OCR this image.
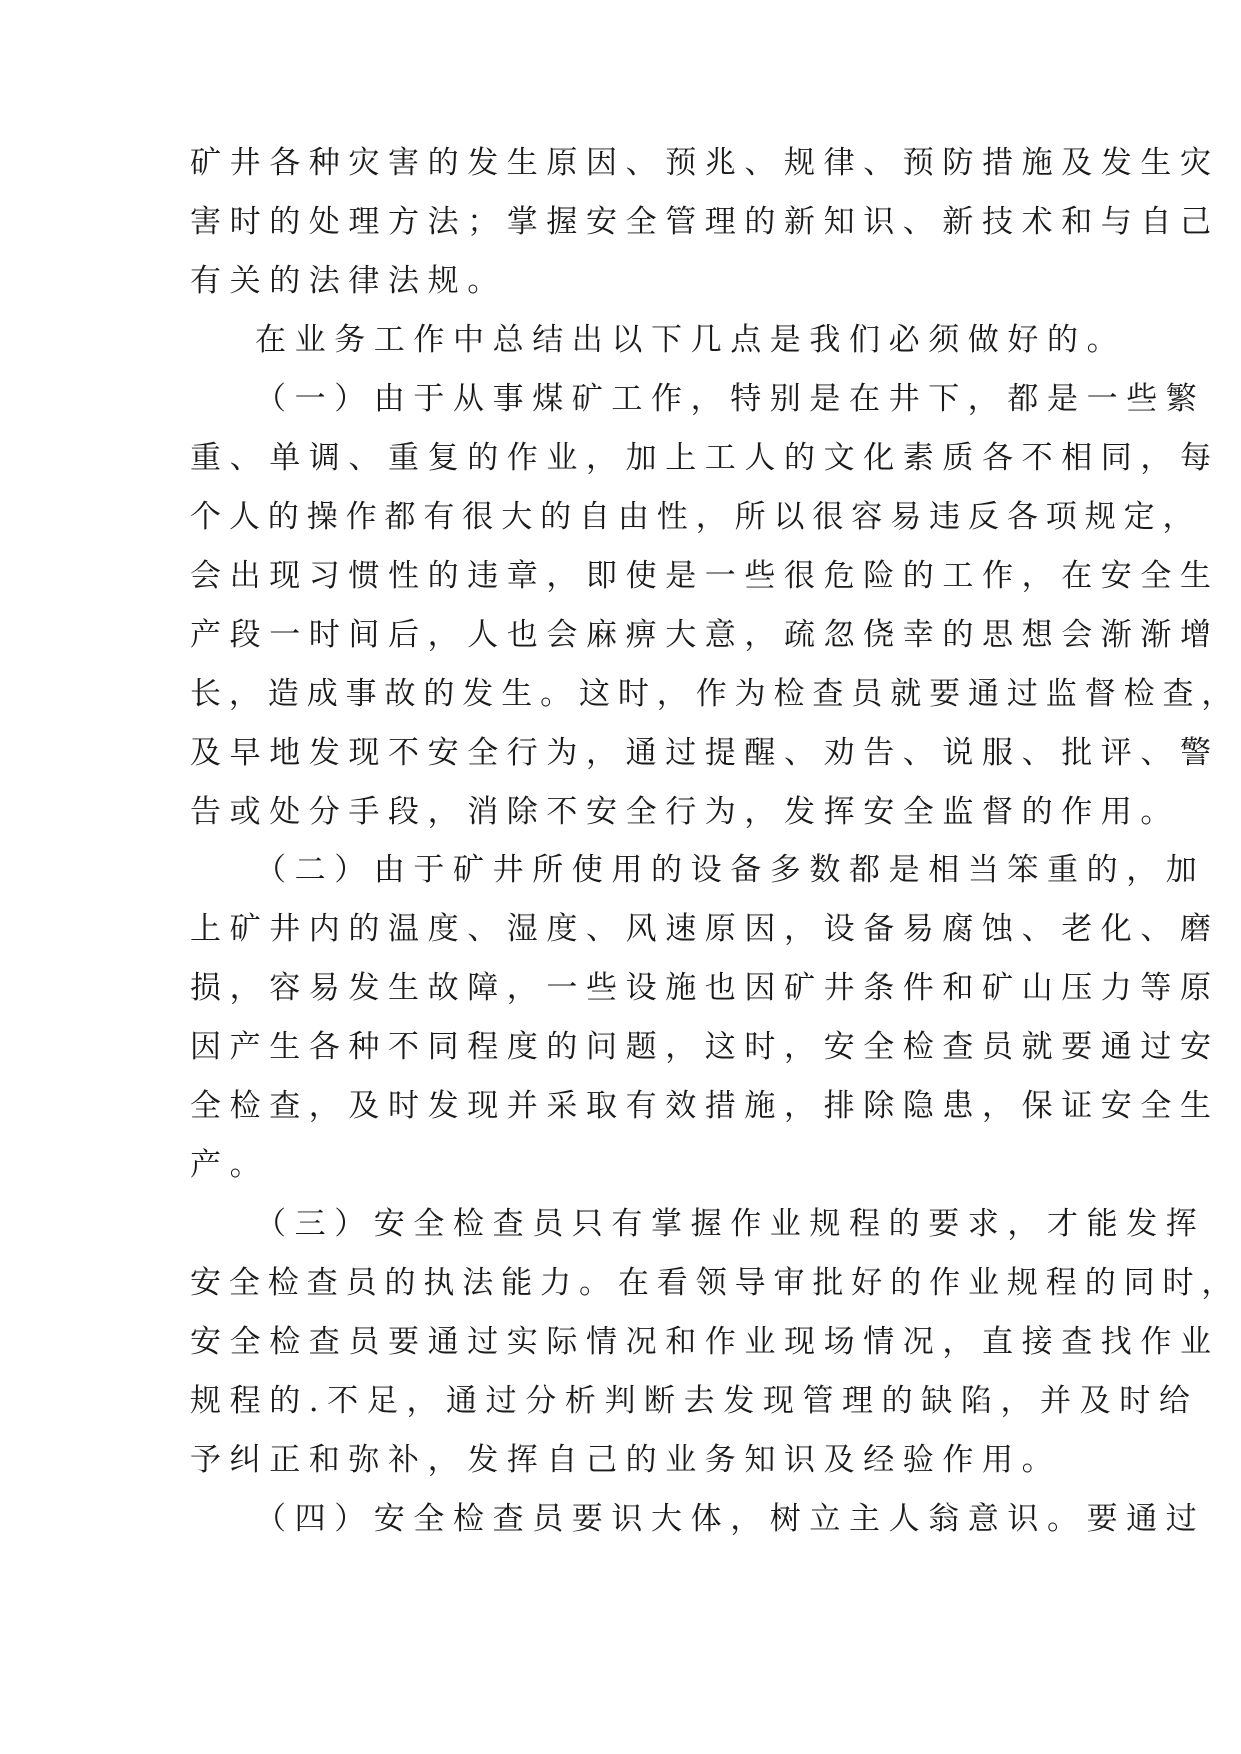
矿井各种灾害的发生原因、预兆、规律、预防措施及发生灾

害时的处理方法；掌握安全管理的新知识、新技术和与自己

有关的法律法规。

在业务工作中总结出以下几点是我们必须做好的。

（一）由于从事煤矿工作，特别是在井下，都是一些繁

重、单调、重复的作业，加上工人的文化素质各不相同，每

个人的操作都有很大的自由性，所以很容易违反各项规定，

会出现习惯性的违章，即使是一些很危险的工作，在安全生

产段一时间后，人也会麻痹大意，疏忽侥幸的思想会渐渐增

长，造成事故的发生。这时，作为检查员就要通过监督检查，

及早地发现不安全行为，通过提醒、劝告、说服、批评、警

告或处分手段，消除不安全行为，发挥安全监督的作用。

（二）由于矿井所使用的设备多数都是相当笨重的，加

上矿井内的温度、湿度、风速原因，设备易腐蚀、老化、磨

损，容易发生故障，一些设施也因矿井条件和矿山压力等原

因产生各种不同程度的问题，这时，安全检查员就要通过安

全检查，及时发现并采取有效措施，排除隐患，保证安全生

产。

（三）安全检查员只有掌握作业规程的要求，才能发挥

安全检查员的执法能力。在看领导审批好的作业规程的同时，

安全检查员要通过实际情况和作业现场情况，直接查找作业

规程的.不足，通过分析判断去发现管理的缺陷，并及时给

予纠正和弥补，发挥自己的业务知识及经验作用。

（四）安全检查员要识大体，树立主人翁意识。要通过
